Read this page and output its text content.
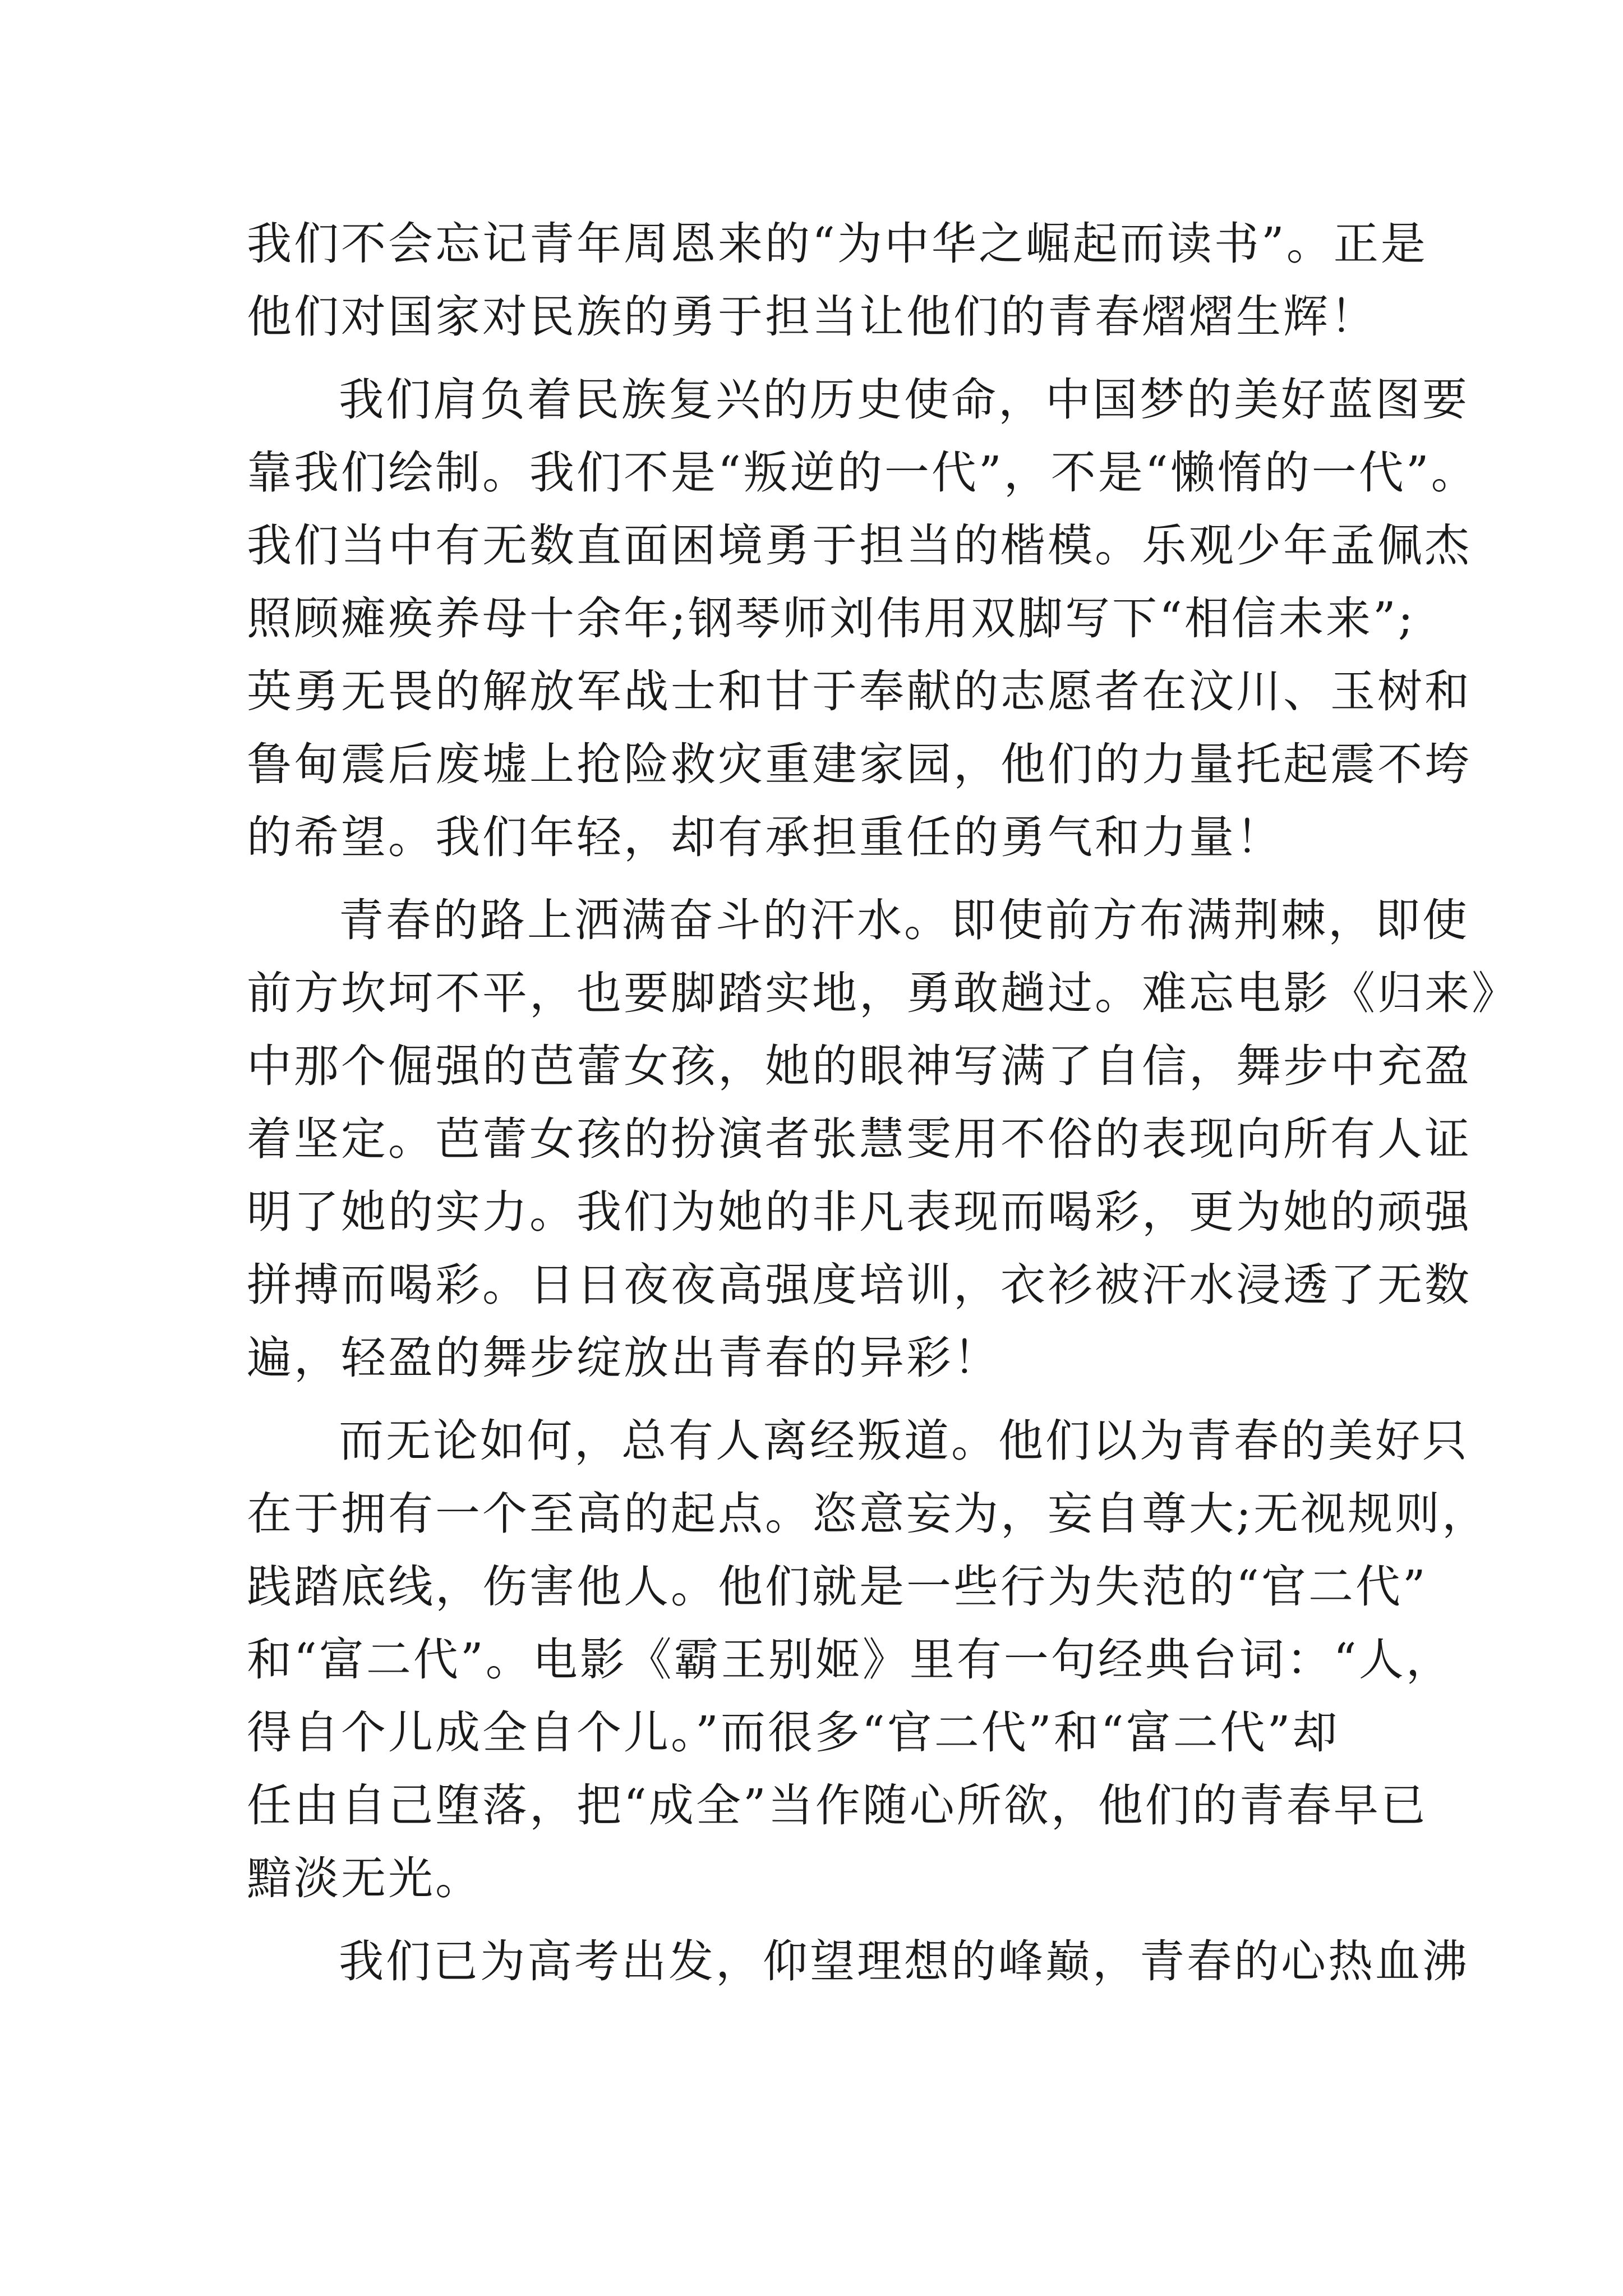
我们不会忘记青年周恩来的“为中华之崛起而读书”。正是
他们对国家对民族的勇于担当让他们的青春熠熠生辉！
我们肩负着民族复兴的历史使命，中国梦的美好蓝图要
靠我们绘制。我们不是“叛逆的一代”，不是“懒惰的一代”。
我们当中有无数直面困境勇于担当的楷模。乐观少年孟佩杰
照顾瘫痪养母十余年;钢琴师刘伟用双脚写下“相信未来”;
英勇无畏的解放军战士和甘于奉献的志愿者在汶川、玉树和
鲁甸震后废墟上抢险救灾重建家园，他们的力量托起震不垮
的希望。我们年轻，却有承担重任的勇气和力量！
青春的路上洒满奋斗的汗水。即使前方布满荆棘，即使
前方坎坷不平，也要脚踏实地，勇敢趟过。难忘电影《归来》
中那个倔强的芭蕾女孩，她的眼神写满了自信，舞步中充盈
着坚定。芭蕾女孩的扮演者张慧雯用不俗的表现向所有人证
明了她的实力。我们为她的非凡表现而喝彩，更为她的顽强
拼搏而喝彩。日日夜夜高强度培训，衣衫被汗水浸透了无数
遍，轻盈的舞步绽放出青春的异彩！
而无论如何，总有人离经叛道。他们以为青春的美好只
在于拥有一个至高的起点。恣意妄为，妄自尊大;无视规则，
践踏底线，伤害他人。他们就是一些行为失范的“官二代”
和“富二代”。电影《霸王别姬》里有一句经典台词：“人，
得自个儿成全自个儿。”而很多“官二代”和“富二代”却
任由自己堕落，把“成全”当作随心所欲，他们的青春早已
黯淡无光。
我们已为高考出发，仰望理想的峰巅，青春的心热血沸
